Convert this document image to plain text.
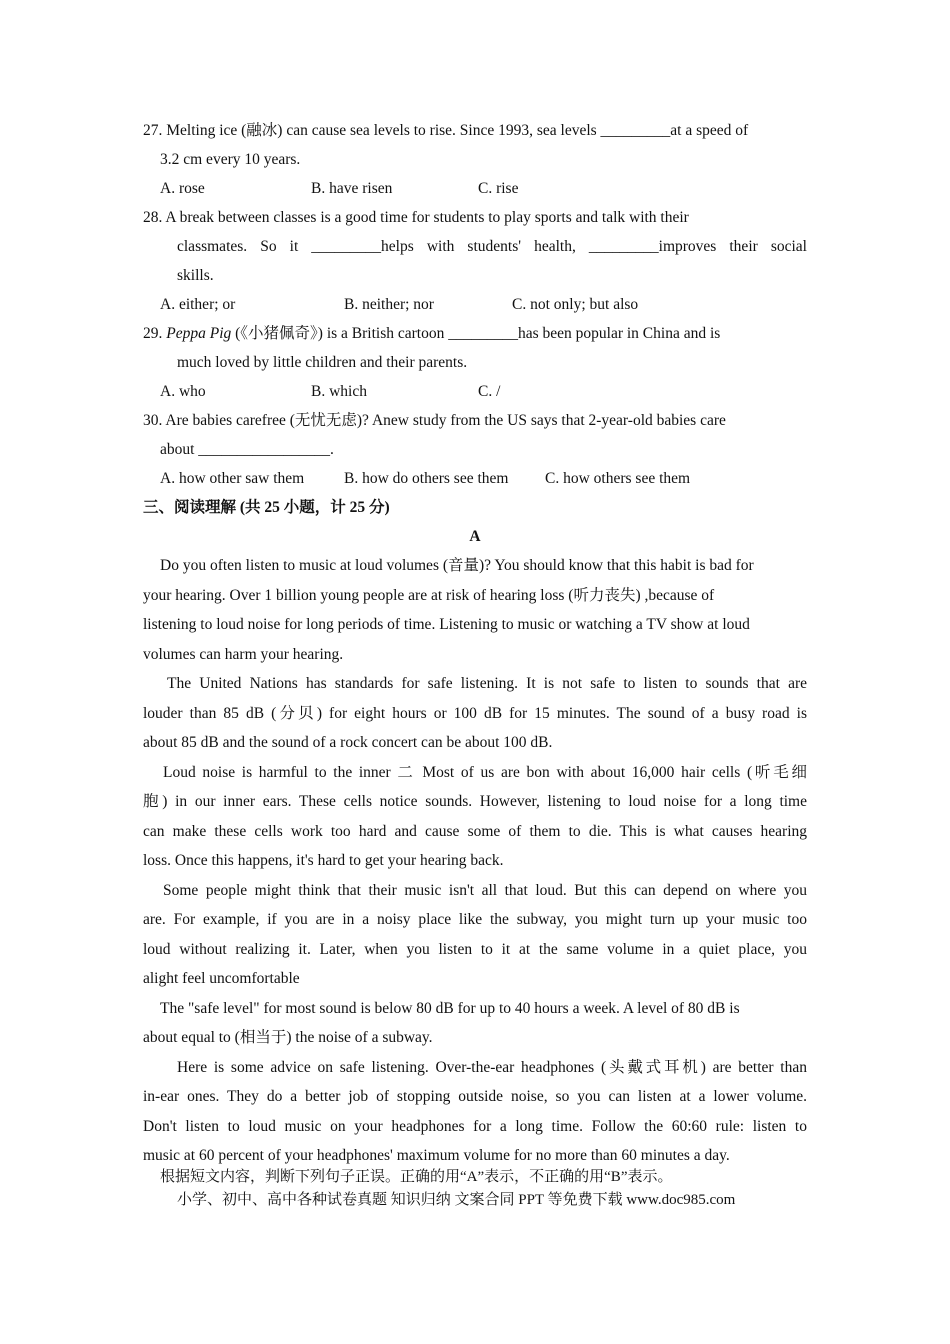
27. Melting ice (融冰) can cause sea levels to rise. Since 1993, sea levels _________at a speed of
3.2 cm every 10 years.
A. rose	B. have risen	C. rise
28. A break between classes is a good time for students to play sports and talk with their
classmates. So it _________helps with students' health, _________improves their social
skills.
A. either; or	B. neither; nor	C. not only; but also
29. Peppa Pig (《小猪佩奇》) is a British cartoon _________has been popular in China and is
much loved by little children and their parents.
A. who	B. which	C. /
30. Are babies carefree (无忧无虑)? Anew study from the US says that 2-year-old babies care
about _________________.
A. how other saw them	B. how do others see them C. how others see them
三、阅读理解 (共 25 小题，计 25 分)
A
Do you often listen to music at loud volumes (音量)? You should know that this habit is bad for
your hearing. Over 1 billion young people are at risk of hearing loss (听力丧失) ,because of
listening to loud noise for long periods of time. Listening to music or watching a TV show at loud
volumes can harm your hearing.
The United Nations has standards for safe listening. It is not safe to listen to sounds that are
louder than 85 dB (分贝) for eight hours or 100 dB for 15 minutes. The sound of a busy road is
about 85 dB and the sound of a rock concert can be about 100 dB.
Loud noise is harmful to the inner 二 Most of us are bon with about 16,000 hair cells (听毛细
胞) in our inner ears. These cells notice sounds. However, listening to loud noise for a long time
can make these cells work too hard and cause some of them to die. This is what causes hearing
loss. Once this happens, it's hard to get your hearing back.
Some people might think that their music isn't all that loud. But this can depend on where you
are. For example, if you are in a noisy place like the subway, you might turn up your music too
loud without realizing it. Later, when you listen to it at the same volume in a quiet place, you
alight feel uncomfortable
The "safe level" for most sound is below 80 dB for up to 40 hours a week. A level of 80 dB is
about equal to (相当于) the noise of a subway.
Here is some advice on safe listening. Over-the-ear headphones (头戴式耳机) are better than
in-ear ones. They do a better job of stopping outside noise, so you can listen at a lower volume.
Don't listen to loud music on your headphones for a long time. Follow the 60:60 rule: listen to
music at 60 percent of your headphones' maximum volume for no more than 60 minutes a day.
根据短文内容，判断下列句子正误。正确的用“A”表示，不正确的用“B”表示。
小学、初中、高中各种试卷真题 知识归纳 文案合同 PPT 等免费下载 www.doc985.com
